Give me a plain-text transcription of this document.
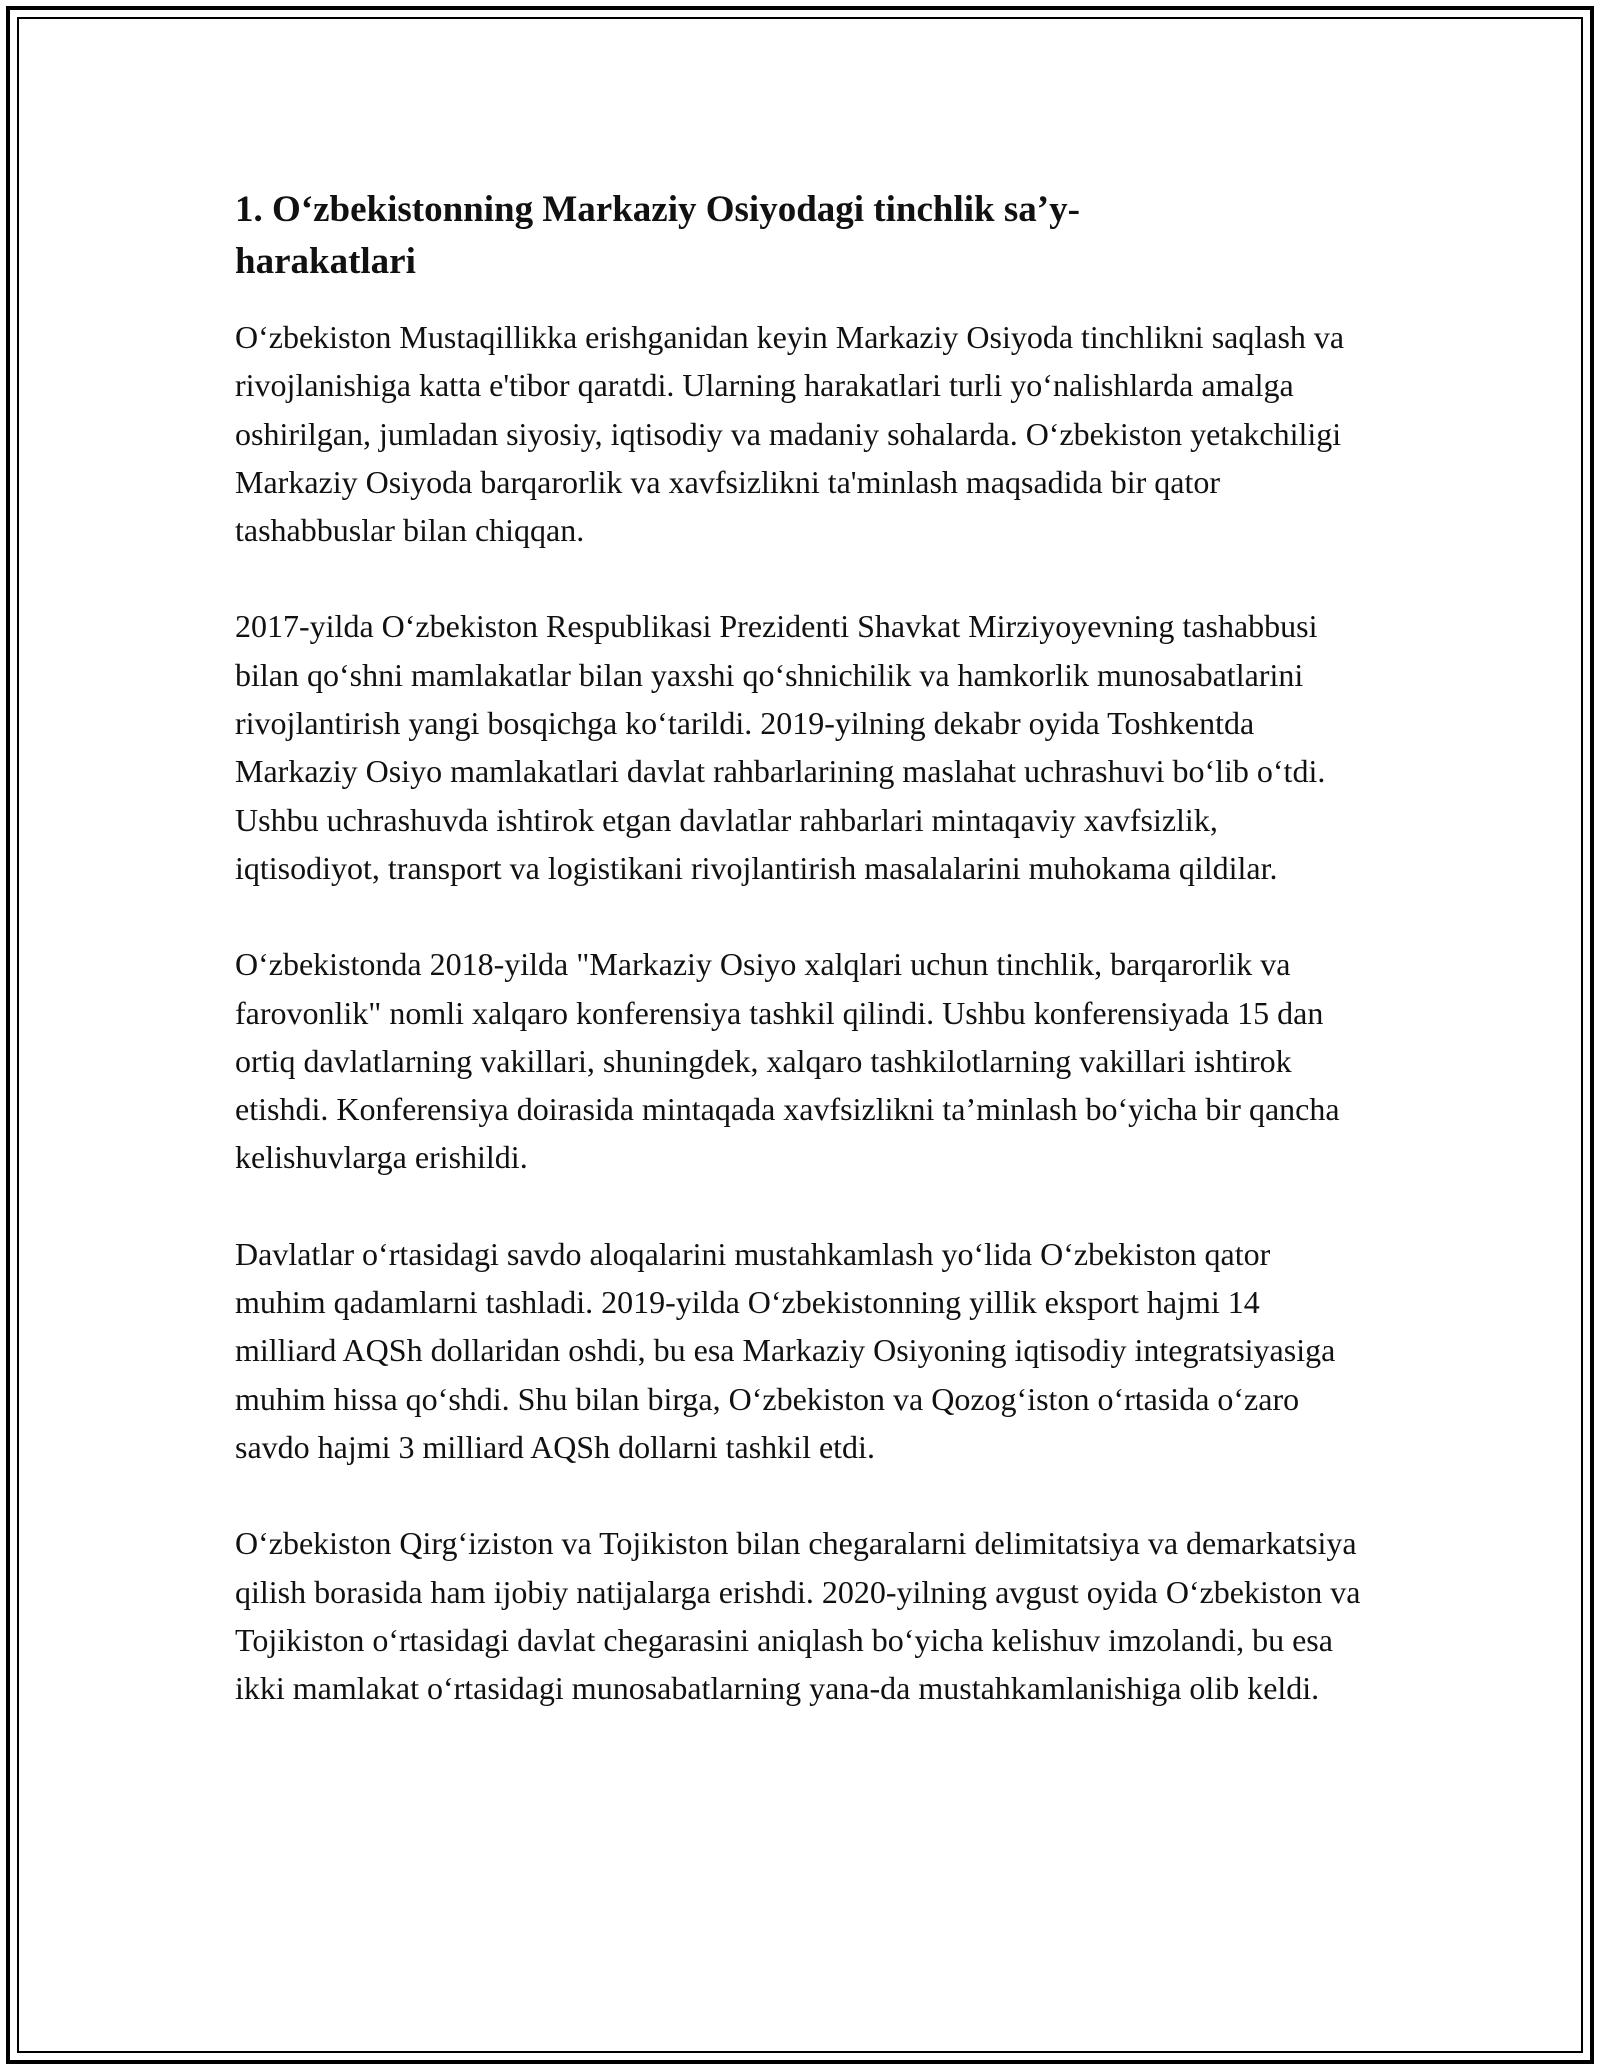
1. O‘zbekistonning Markaziy Osiyodagi tinchlik sa’y-harakatlari

O‘zbekiston Mustaqillikka erishganidan keyin Markaziy Osiyoda tinchlikni saqlash va rivojlanishiga katta e'tibor qaratdi. Ularning harakatlari turli yo‘nalishlarda amalga oshirilgan, jumladan siyosiy, iqtisodiy va madaniy sohalarda. O‘zbekiston yetakchiligi Markaziy Osiyoda barqarorlik va xavfsizlikni ta'minlash maqsadida bir qator tashabbuslar bilan chiqqan.

2017-yilda O‘zbekiston Respublikasi Prezidenti Shavkat Mirziyoyevning tashabbusi bilan qo‘shni mamlakatlar bilan yaxshi qo‘shnichilik va hamkorlik munosabatlarini rivojlantirish yangi bosqichga ko‘tarildi. 2019-yilning dekabr oyida Toshkentda Markaziy Osiyo mamlakatlari davlat rahbarlarining maslahat uchrashuvi bo‘lib o‘tdi. Ushbu uchrashuvda ishtirok etgan davlatlar rahbarlari mintaqaviy xavfsizlik, iqtisodiyot, transport va logistikani rivojlantirish masalalarini muhokama qildilar.

O‘zbekistonda 2018-yilda "Markaziy Osiyo xalqlari uchun tinchlik, barqarorlik va farovonlik" nomli xalqaro konferensiya tashkil qilindi. Ushbu konferensiyada 15 dan ortiq davlatlarning vakillari, shuningdek, xalqaro tashkilotlarning vakillari ishtirok etishdi. Konferensiya doirasida mintaqada xavfsizlikni ta’minlash bo‘yicha bir qancha kelishuvlarga erishildi.

Davlatlar o‘rtasidagi savdo aloqalarini mustahkamlash yo‘lida O‘zbekiston qator muhim qadamlarni tashladi. 2019-yilda O‘zbekistonning yillik eksport hajmi 14 milliard AQSh dollaridan oshdi, bu esa Markaziy Osiyoning iqtisodiy integratsiyasiga muhim hissa qo‘shdi. Shu bilan birga, O‘zbekiston va Qozog‘iston o‘rtasida o‘zaro savdo hajmi 3 milliard AQSh dollarni tashkil etdi.

O‘zbekiston Qirg‘iziston va Tojikiston bilan chegaralarni delimitatsiya va demarkatsiya qilish borasida ham ijobiy natijalarga erishdi. 2020-yilning avgust oyida O‘zbekiston va Tojikiston o‘rtasidagi davlat chegarasini aniqlash bo‘yicha kelishuv imzolandi, bu esa ikki mamlakat o‘rtasidagi munosabatlarning yana-da mustahkamlanishiga olib keldi.
